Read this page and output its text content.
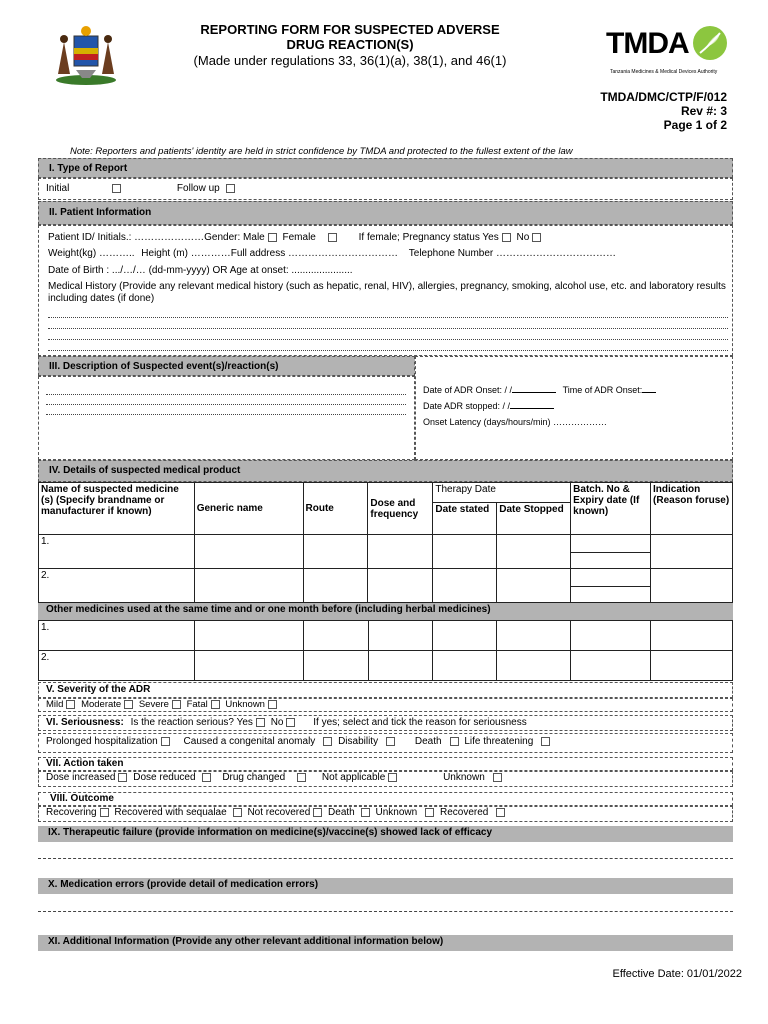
REPORTING FORM FOR SUSPECTED ADVERSE
DRUG REACTION(S)
(Made under regulations 33, 36(1)(a), 38(1), and 46(1)
TMDA
Tanzania Medicines & Medical Devices Authority
TMDA/DMC/CTP/F/012
Rev #: 3
Page 1 of 2
Note: Reporters and patients' identity are held in strict confidence by TMDA and protected to the fullest extent of the law
I. Type of Report
Initial	Follow up
II. Patient Information
Patient ID/ Initials.: …………………Gender: Male Female	If female; Pregnancy status Yes No
Weight(kg) ……….. Height (m) …………Full address …………………………… Telephone Number ………………………………
Date of Birth : .../…/… (dd-mm-yyyy) OR Age at onset: ......................
Medical History (Provide any relevant medical history (such as hepatic, renal, HIV), allergies, pregnancy, smoking, alcohol use, etc. and laboratory results including dates (if done)
III. Description of Suspected event(s)/reaction(s)
Date of ADR Onset: / /	Time of ADR Onset:
Date ADR stopped: / /
Onset Latency (days/hours/min) ………………
IV. Details of suspected medical product
Name of suspected medicine (s) (Specify brandname or manufacturer if known)	Generic name	Route	Dose and frequency	Therapy Date		Batch. No & Expiry date (If known)	Indication (Reason foruse)
				Date stated	Date Stopped		
1.							
2.							
Other medicines used at the same time and or one month before (including herbal medicines)
1.							
2.							
V. Severity of the ADR
Mild Moderate Severe Fatal Unknown
VI. Seriousness: Is the reaction serious? Yes No	If yes; select and tick the reason for seriousness
Prolonged hospitalization	Caused a congenital anomaly Disability	Death Life threatening
VII. Action taken
Dose increased Dose reduced	Drug changed	Not applicable	Unknown
VIII. Outcome
Recovering Recovered with sequalae Not recovered Death Unknown Recovered
IX. Therapeutic failure (provide information on medicine(s)/vaccine(s) showed lack of efficacy
X. Medication errors (provide detail of medication errors)
XI. Additional Information (Provide any other relevant additional information below)
Effective Date: 01/01/2022
